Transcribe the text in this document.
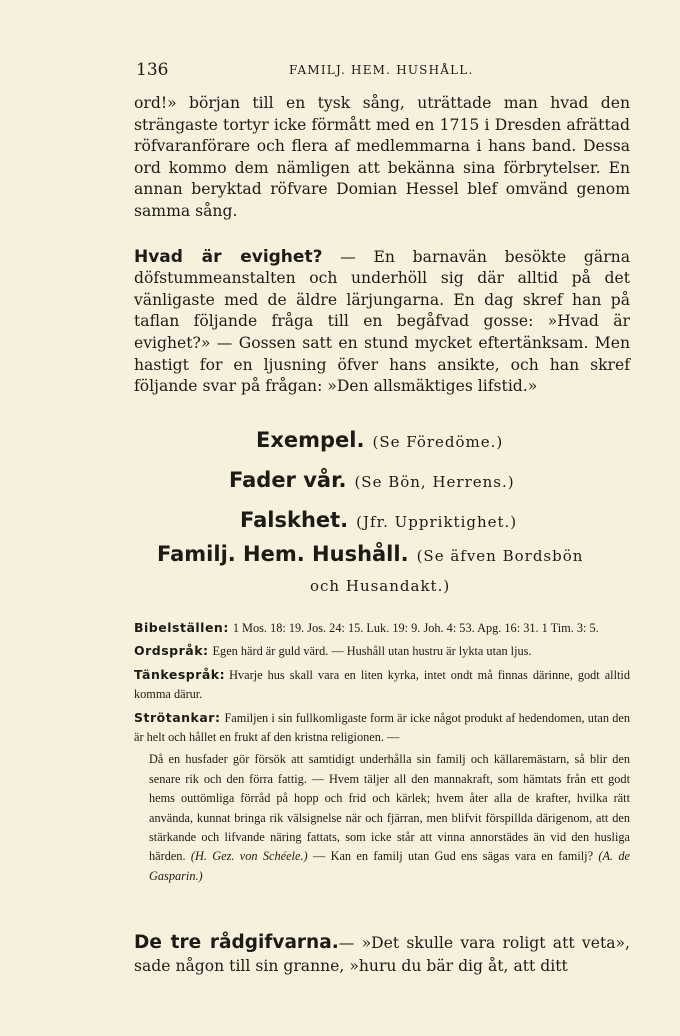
136	FAMILJ. HEM. HUSHÅLL.

ord!» början till en tysk sång, uträttade man hvad den strängaste tortyr icke förmått med en 1715 i Dresden afrättad röfvaranförare och flera af medlemmarna i hans band. Dessa ord kommo dem nämligen att bekänna sina förbrytelser. En annan beryktad röfvare Domian Hessel blef omvänd genom samma sång.

Hvad är evighet? — En barnavän besökte gärna döfstummeanstalten och underhöll sig där alltid på det vänligaste med de äldre lärjungarna. En dag skref han på taflan följande fråga till en begåfvad gosse: »Hvad är evighet?» — Gossen satt en stund mycket eftertänksam. Men hastigt for en ljusning öfver hans ansikte, och han skref följande svar på frågan: »Den allsmäktiges lifstid.»

Exempel. (Se Föredöme.)
Fader vår. (Se Bön, Herrens.)
Falskhet. (Jfr. Uppriktighet.)
Familj. Hem. Hushåll. (Se äfven Bordsbön
och Husandakt.)

Bibelställen: 1 Mos. 18: 19. Jos. 24: 15. Luk. 19: 9. Joh. 4: 53. Apg. 16: 31. 1 Tim. 3: 5.

Ordspråk: Egen härd är guld värd. — Hushåll utan hustru är lykta utan ljus.

Tänkespråk: Hvarje hus skall vara en liten kyrka, intet ondt må finnas därinne, godt alltid komma därur.

Strötankar: Familjen i sin fullkomligaste form är icke något produkt af hedendomen, utan den är helt och hållet en frukt af den kristna religionen. —

Då en husfader gör försök att samtidigt underhålla sin familj och källaremästarn, så blir den senare rik och den förra fattig. — Hvem täljer all den mannakraft, som hämtats från ett godt hems outtömliga förråd på hopp och frid och kärlek; hvem åter alla de krafter, hvilka rätt använda, kunnat bringa rik välsignelse när och fjärran, men blifvit förspillda därigenom, att den stärkande och lifvande näring fattats, som icke står att vinna annorstädes än vid den husliga härden. (H. Gez. von Schéele.) — Kan en familj utan Gud ens sägas vara en familj? (A. de Gasparin.)

De tre rådgifvarna.— »Det skulle vara roligt att veta», sade någon till sin granne, »huru du bär dig åt, att ditt
